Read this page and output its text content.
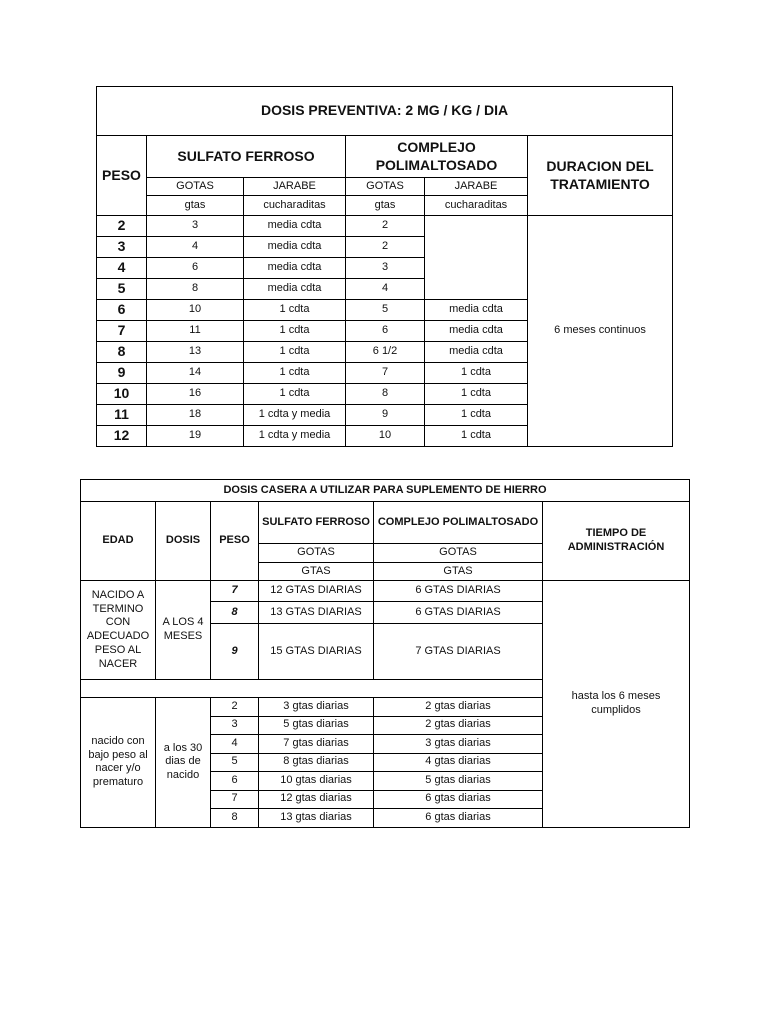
DOSIS PREVENTIVA: 2 MG / KG / DIA					
PESO	SULFATO FERROSO		COMPLEJO POLIMALTOSADO		DURACION DEL TRATAMIENTO
	GOTAS	JARABE	GOTAS	JARABE	
	gtas	cucharaditas	gtas	cucharaditas	
2	3	media cdta	2		6 meses continuos
3	4	media cdta	2		
4	6	media cdta	3		
5	8	media cdta	4		
6	10	1 cdta	5	media cdta	
7	11	1 cdta	6	media cdta	
8	13	1 cdta	6 1/2	media cdta	
9	14	1 cdta	7	1 cdta	
10	16	1 cdta	8	1 cdta	
11	18	1 cdta y media	9	1 cdta	
12	19	1 cdta y media	10	1 cdta	
DOSIS CASERA A UTILIZAR PARA SUPLEMENTO DE HIERRO					
EDAD	DOSIS	PESO	SULFATO FERROSO	COMPLEJO POLIMALTOSADO	TIEMPO DE ADMINISTRACIÓN
			GOTAS	GOTAS	
			GTAS	GTAS	
NACIDO A TERMINO CON ADECUADO PESO AL NACER	A LOS 4 MESES	7	12 GTAS DIARIAS	6 GTAS DIARIAS	hasta los 6 meses cumplidos
		8	13 GTAS DIARIAS	6 GTAS DIARIAS	
		9	15 GTAS DIARIAS	7 GTAS DIARIAS	

nacido con bajo peso al nacer y/o prematuro	a los 30 dias de nacido	2	3 gtas diarias	2 gtas diarias	
		3	5 gtas diarias	2 gtas diarias	
		4	7 gtas diarias	3 gtas diarias	
		5	8 gtas diarias	4 gtas diarias	
		6	10 gtas diarias	5 gtas diarias	
		7	12 gtas diarias	6 gtas diarias	
		8	13 gtas diarias	6 gtas diarias	
